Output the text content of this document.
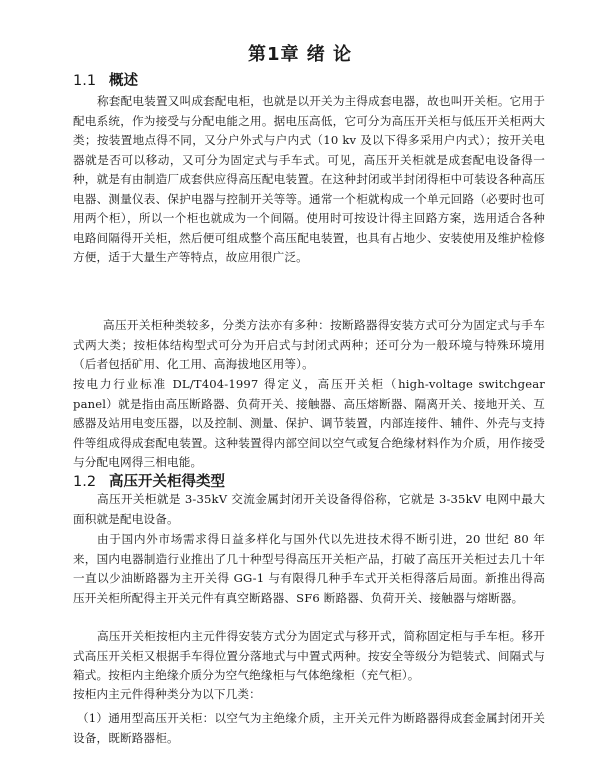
第1章 绪 论
1.1 概述

称套配电装置又叫成套配电柜，也就是以开关为主得成套电器，故也叫开关柜。它用于配电系统，作为接受与分配电能之用。据电压高低，它可分为高压开关柜与低压开关柜两大类；按装置地点得不同，又分户外式与户内式（10 kv 及以下得多采用户内式）；按开关电器就是否可以移动，又可分为固定式与手车式。可见，高压开关柜就是成套配电设备得一种，就是有由制造厂成套供应得高压配电装置。在这种封闭或半封闭得柜中可装设各种高压电器、测量仪表、保护电器与控制开关等等。通常一个柜就构成一个单元回路（必要时也可用两个柜），所以一个柜也就成为一个间隔。使用时可按设计得主回路方案，选用适合各种电路间隔得开关柜，然后便可组成整个高压配电装置，也具有占地少、安装使用及维护检修方便，适于大量生产等特点，故应用很广泛。

高压开关柜种类较多，分类方法亦有多种：按断路器得安装方式可分为固定式与手车式两大类；按柜体结构型式可分为开启式与封闭式两种；还可分为一般环境与特殊环境用（后者包括矿用、化工用、高海拔地区用等）。

按电力行业标准 DL/T404-1997 得定义，高压开关柜（high-voltage switchgear panel）就是指由高压断路器、负荷开关、接触器、高压熔断器、隔离开关、接地开关、互感器及站用电变压器，以及控制、测量、保护、调节装置，内部连接件、辅件、外壳与支持件等组成得成套配电装置。这种装置得内部空间以空气或复合绝缘材料作为介质，用作接受与分配电网得三相电能。

1.2 高压开关柜得类型

高压开关柜就是 3-35kV 交流金属封闭开关设备得俗称，它就是 3-35kV 电网中最大面积就是配电设备。

由于国内外市场需求得日益多样化与国外代以先进技术得不断引进，20 世纪 80 年来，国内电器制造行业推出了几十种型号得高压开关柜产品，打破了高压开关柜过去几十年一直以少油断路器为主开关得 GG-1 与有限得几种手车式开关柜得落后局面。新推出得高压开关柜所配得主开关元件有真空断路器、SF6 断路器、负荷开关、接触器与熔断器。

高压开关柜按柜内主元件得安装方式分为固定式与移开式，简称固定柜与手车柜。移开式高压开关柜又根据手车得位置分落地式与中置式两种。按安全等级分为铠装式、间隔式与箱式。按柜内主绝缘介质分为空气绝缘柜与气体绝缘柜（充气柜）。

按柜内主元件得种类分为以下几类：

（1）通用型高压开关柜：以空气为主绝缘介质，主开关元件为断路器得成套金属封闭开关设备，既断路器柜。
